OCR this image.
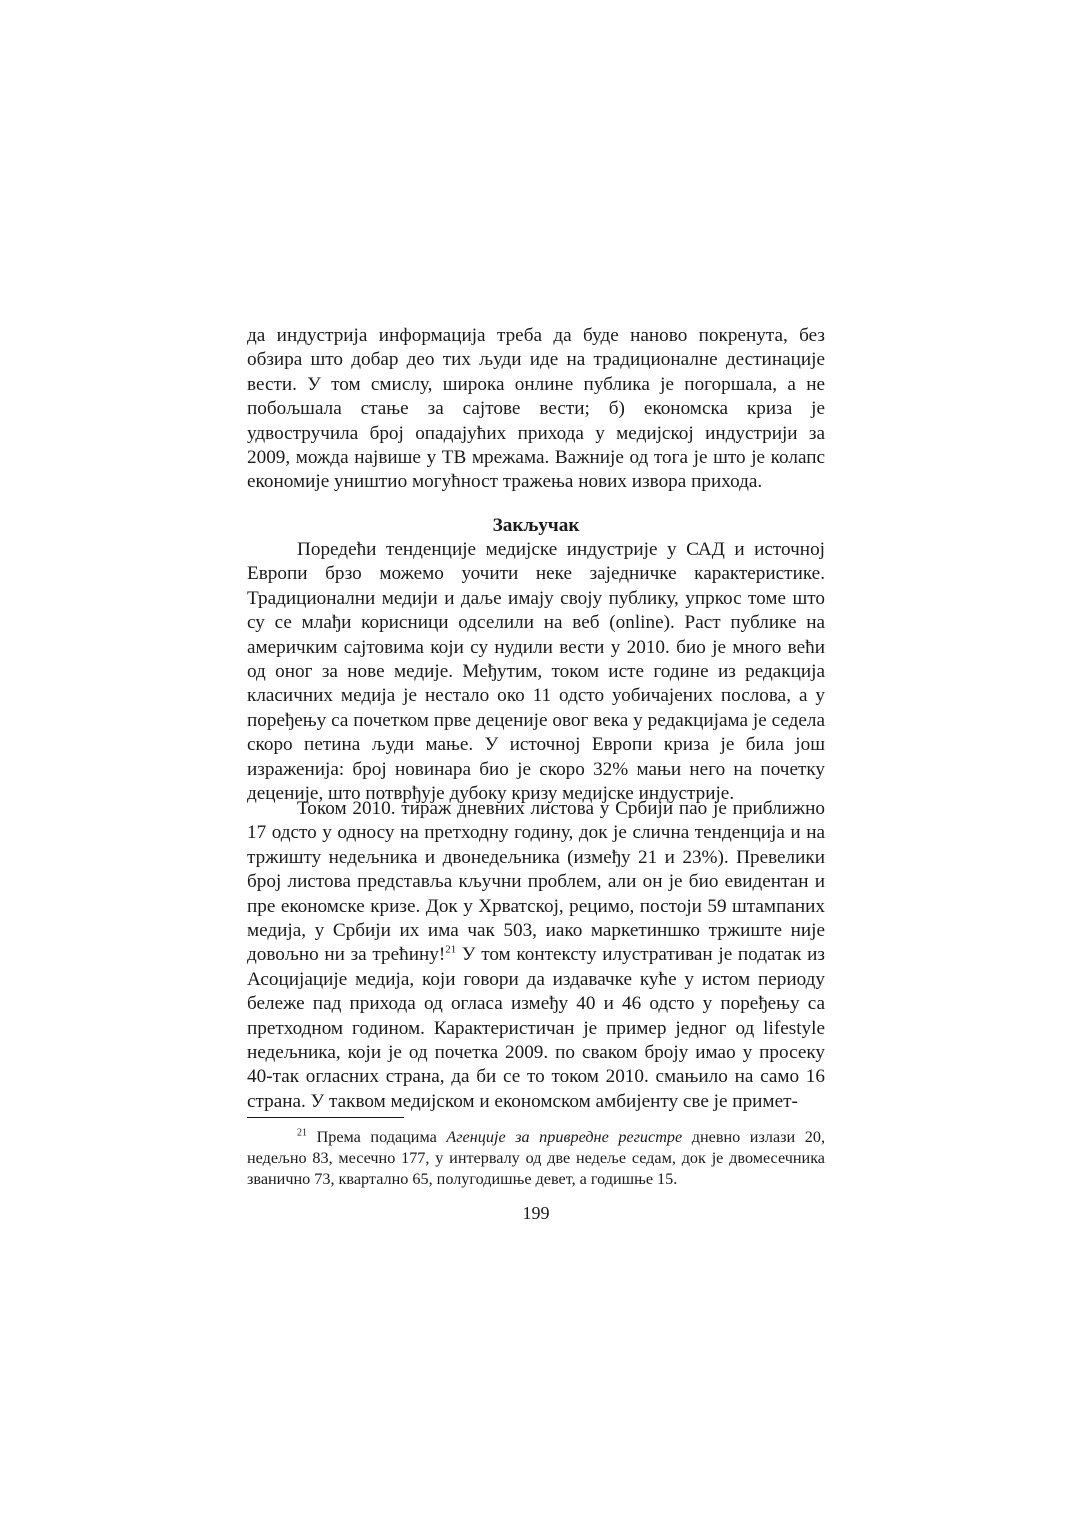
да индустрија информација треба да буде наново покренута, без обзира што добар део тих људи иде на традиционалне дестинације вести. У том смислу, широка онлине публика је погоршала, а не побољшала стање за сајтове вести; б) економска криза је удвостручила број опадајућих прихода у медијској индустрији за 2009, можда највише у ТВ мрежама. Важније од тога је што је колапс економије уништио могућност тражења нових извора прихода.
Закључак
Поредећи тенденције медијске индустрије у САД и источној Европи брзо можемо уочити неке заједничке карактеристике. Традиционални медији и даље имају своју публику, упркос томе што су се млађи корисници одселили на веб (online). Раст публике на америчким сајтовима који су нудили вести у 2010. био је много већи од оног за нове медије. Међутим, током исте године из редакција класичних медија је нестало око 11 одсто уобичајених послова, а у поређењу са почетком прве деценије овог века у редакцијама је седела скоро петина људи мање. У источној Европи криза је била још израженија: број новинара био је скоро 32% мањи него на почетку деценије, што потврђује дубоку кризу медијске индустрије.
Током 2010. тираж дневних листова у Србији пао је приближно 17 одсто у односу на претходну годину, док је слична тенденција и на тржишту недељника и двонедељника (између 21 и 23%). Превелики број листова представља кључни проблем, али он је био евидентан и пре економске кризе. Док у Хрватској, рецимо, постоји 59 штампаних медија, у Србији их има чак 503, иако маркетиншко тржиште није довољно ни за трећину!$^{21}$ У том контексту илустративан је податак из Асоцијације медија, који говори да издавачке куће у истом периоду бележе пад прихода од огласа између 40 и 46 одсто у поређењу са претходном годином. Карактеристичан је пример једног од lifestyle недељника, који је од почетка 2009. по сваком броју имао у просеку 40-так огласних страна, да би се то током 2010. смањило на само 16 страна. У таквом медијском и економском амбијенту све је примет-
$^{21}$ Према подацима Агенције за привредне регистре дневно излази 20, недељно 83, месечно 177, у интервалу од две недеље седам, док је двомесечника званично 73, квартално 65, полугодишње девет, а годишње 15.
199
